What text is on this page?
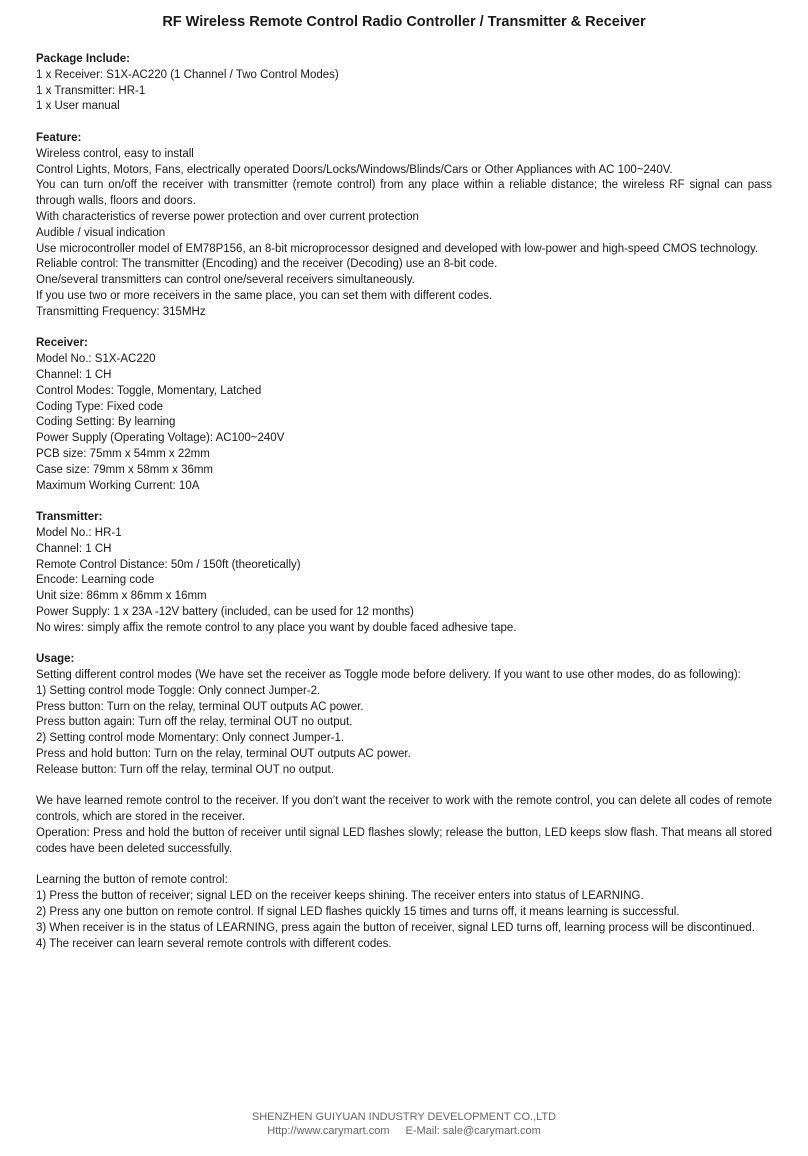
RF Wireless Remote Control Radio Controller / Transmitter & Receiver

Package Include:

1 x Receiver: S1X-AC220 (1 Channel / Two Control Modes)

1 x Transmitter: HR-1

1 x User manual

Feature:

Wireless control, easy to install

Control Lights, Motors, Fans, electrically operated Doors/Locks/Windows/Blinds/Cars or Other Appliances with AC 100~240V.

You can turn on/off the receiver with transmitter (remote control) from any place within a reliable distance; the wireless RF signal can pass through walls, floors and doors.

With characteristics of reverse power protection and over current protection

Audible / visual indication

Use microcontroller model of EM78P156, an 8-bit microprocessor designed and developed with low-power and high-speed CMOS technology.

Reliable control: The transmitter (Encoding) and the receiver (Decoding) use an 8-bit code.

One/several transmitters can control one/several receivers simultaneously.

If you use two or more receivers in the same place, you can set them with different codes.

Transmitting Frequency: 315MHz

Receiver:

Model No.: S1X-AC220

Channel: 1 CH

Control Modes: Toggle, Momentary, Latched

Coding Type: Fixed code

Coding Setting: By learning

Power Supply (Operating Voltage): AC100~240V

PCB size: 75mm x 54mm x 22mm

Case size: 79mm x 58mm x 36mm

Maximum Working Current: 10A

Transmitter:

Model No.: HR-1

Channel: 1 CH

Remote Control Distance: 50m / 150ft (theoretically)

Encode: Learning code

Unit size: 86mm x 86mm x 16mm

Power Supply: 1 x 23A -12V battery (included, can be used for 12 months)

No wires: simply affix the remote control to any place you want by double faced adhesive tape.

Usage:

Setting different control modes (We have set the receiver as Toggle mode before delivery. If you want to use other modes, do as following):

1) Setting control mode Toggle: Only connect Jumper-2.

Press button: Turn on the relay, terminal OUT outputs AC power.

Press button again: Turn off the relay, terminal OUT no output.

2) Setting control mode Momentary: Only connect Jumper-1.

Press and hold button: Turn on the relay, terminal OUT outputs AC power.

Release button: Turn off the relay, terminal OUT no output.

We have learned remote control to the receiver. If you don’t want the receiver to work with the remote control, you can delete all codes of remote controls, which are stored in the receiver.

Operation: Press and hold the button of receiver until signal LED flashes slowly; release the button, LED keeps slow flash. That means all stored codes have been deleted successfully.

Learning the button of remote control:

1) Press the button of receiver; signal LED on the receiver keeps shining. The receiver enters into status of LEARNING.

2) Press any one button on remote control. If signal LED flashes quickly 15 times and turns off, it means learning is successful.

3) When receiver is in the status of LEARNING, press again the button of receiver, signal LED turns off, learning process will be discontinued.

4) The receiver can learn several remote controls with different codes.

SHENZHEN GUIYUAN INDUSTRY DEVELOPMENT CO.,LTD
Http://www.carymart.com E-Mail: sale@carymart.com
